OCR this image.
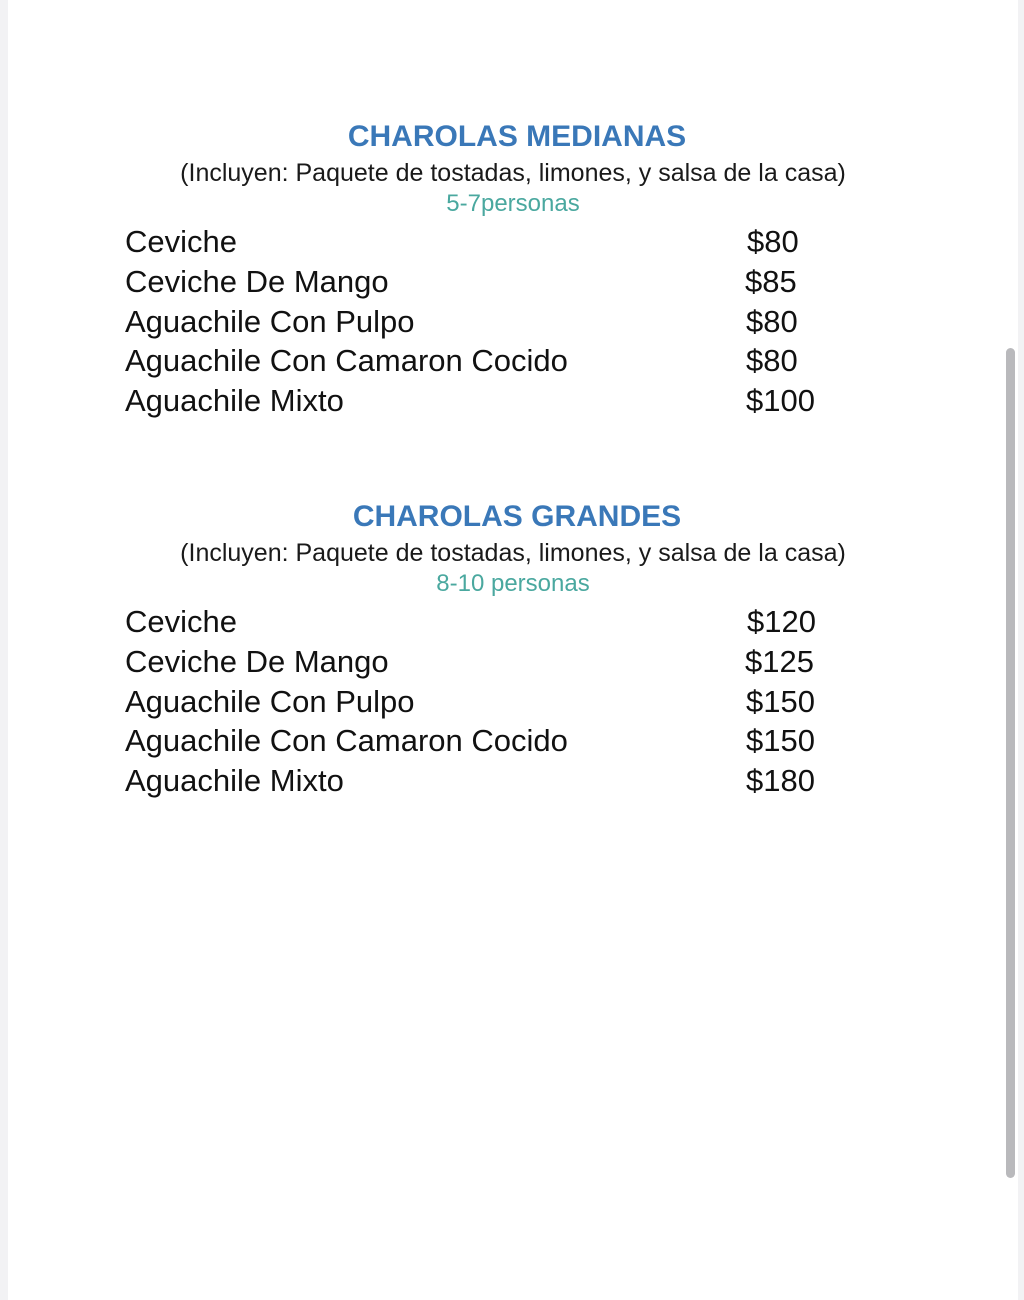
CHAROLAS MEDIANAS

(Incluyen: Paquete de tostadas, limones, y salsa de la casa)

5-7personas

Ceviche	$80
Ceviche De Mango	$85
Aguachile Con Pulpo	$80
Aguachile Con Camaron Cocido	$80
Aguachile Mixto	$100
CHAROLAS GRANDES

(Incluyen: Paquete de tostadas, limones, y salsa de la casa)

8-10 personas

Ceviche	$120
Ceviche De Mango	$125
Aguachile Con Pulpo	$150
Aguachile Con Camaron Cocido	$150
Aguachile Mixto	$180
